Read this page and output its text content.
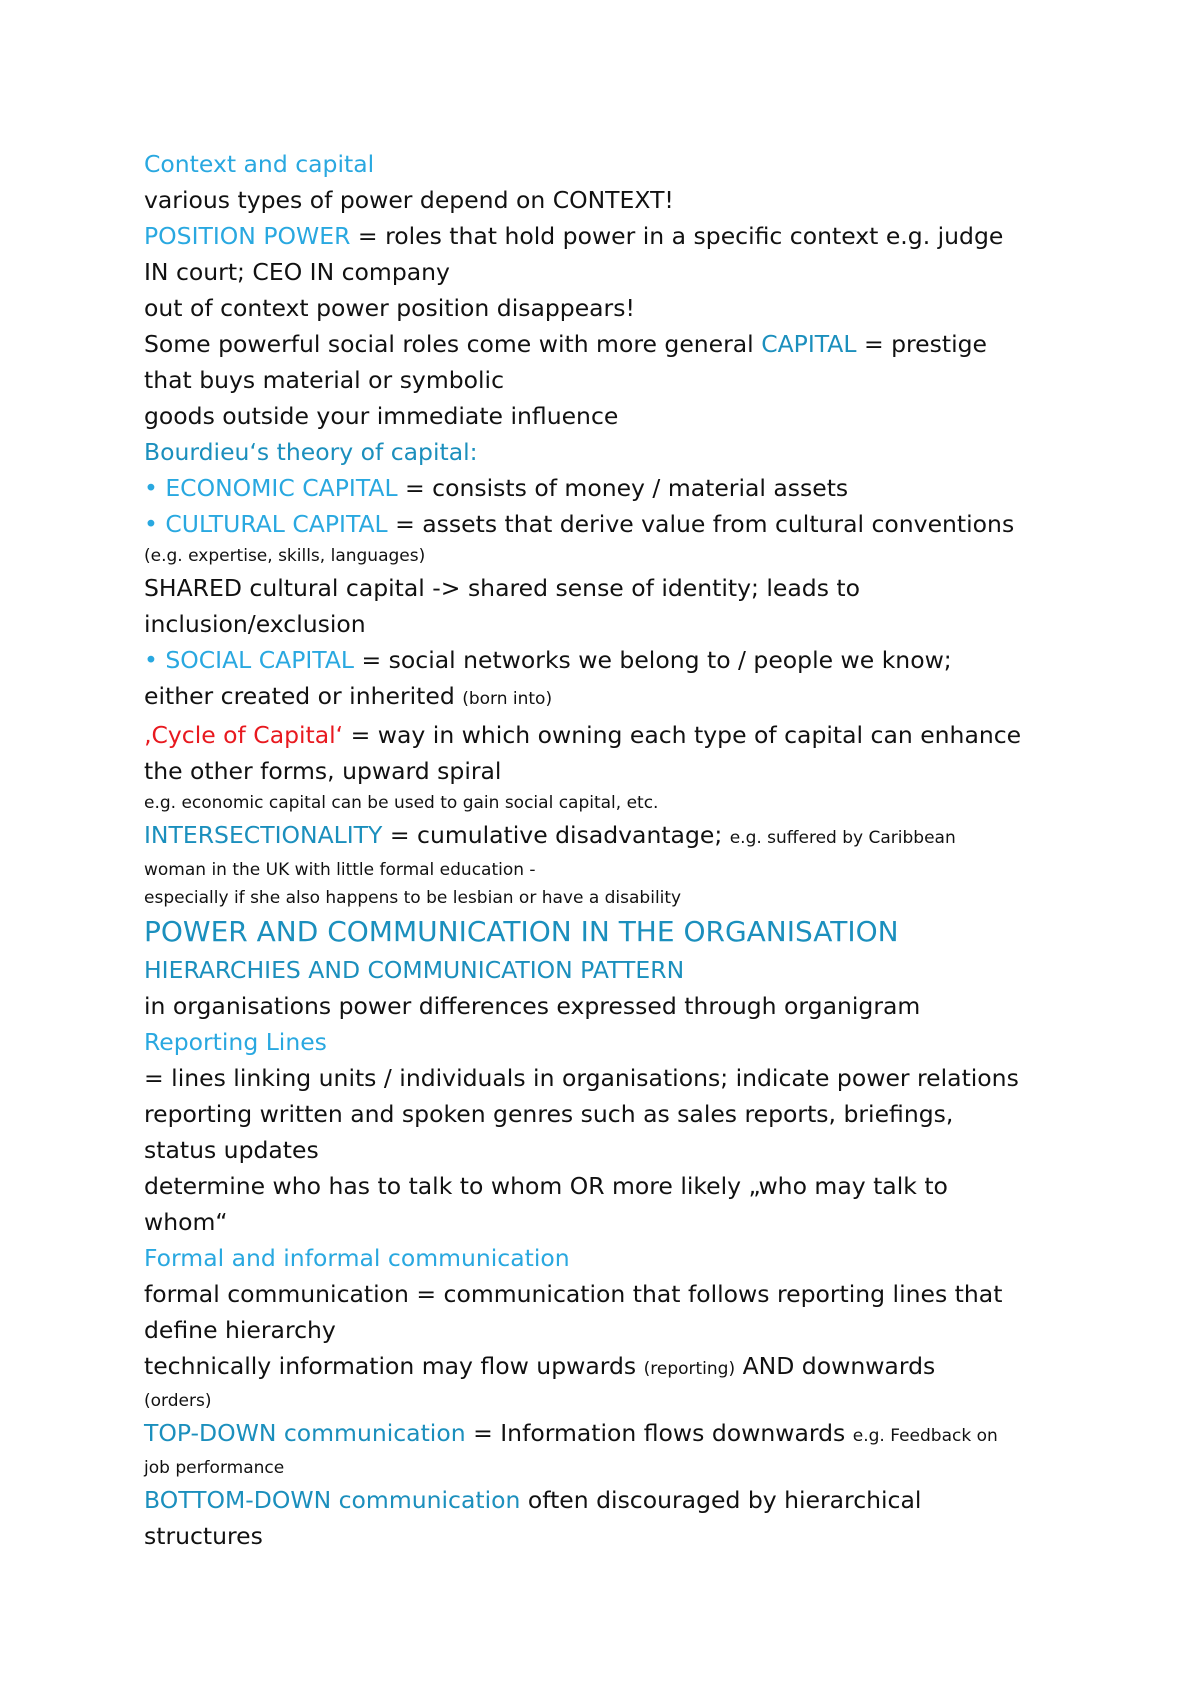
Context and capital
various types of power depend on CONTEXT!
POSITION POWER = roles that hold power in a specific context e.g. judge
IN court; CEO IN company
out of context power position disappears!
Some powerful social roles come with more general CAPITAL = prestige
that buys material or symbolic
goods outside your immediate influence
Bourdieu‘s theory of capital:
• ECONOMIC CAPITAL = consists of money / material assets
• CULTURAL CAPITAL = assets that derive value from cultural conventions
(e.g. expertise, skills, languages)
SHARED cultural capital -> shared sense of identity; leads to
inclusion/exclusion
• SOCIAL CAPITAL = social networks we belong to / people we know;
either created or inherited (born into)
‚Cycle of Capital‘ = way in which owning each type of capital can enhance
the other forms, upward spiral
e.g. economic capital can be used to gain social capital, etc.
INTERSECTIONALITY = cumulative disadvantage; e.g. suffered by Caribbean
woman in the UK with little formal education -
especially if she also happens to be lesbian or have a disability
POWER AND COMMUNICATION IN THE ORGANISATION
HIERARCHIES AND COMMUNICATION PATTERN
in organisations power differences expressed through organigram
Reporting Lines
= lines linking units / individuals in organisations; indicate power relations
reporting written and spoken genres such as sales reports, briefings,
status updates
determine who has to talk to whom OR more likely „who may talk to
whom“
Formal and informal communication
formal communication = communication that follows reporting lines that
define hierarchy
technically information may flow upwards (reporting) AND downwards
(orders)
TOP-DOWN communication = Information flows downwards e.g. Feedback on
job performance
BOTTOM-DOWN communication often discouraged by hierarchical
structures
